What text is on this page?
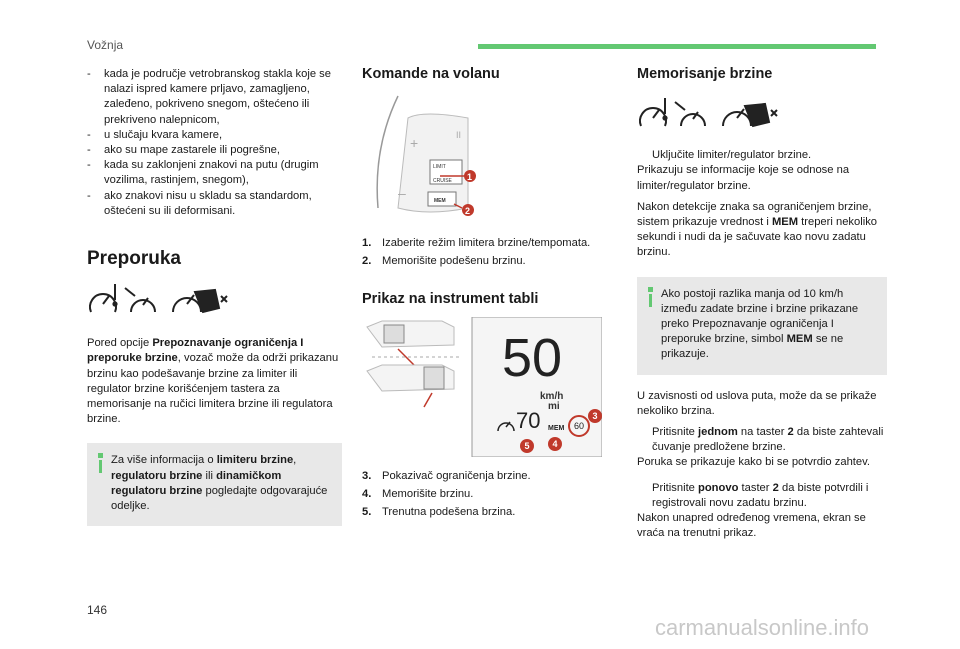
Vožnja
-	kada je područje vetrobranskog stakla koje se nalazi ispred kamere prljavo, zamagljeno, zaleđeno, pokriveno snegom, oštećeno ili prekriveno nalepnicom,
-	u slučaju kvara kamere,
-	ako su mape zastarele ili pogrešne,
-	kada su zaklonjeni znakovi na putu (drugim vozilima, rastinjem, snegom),
-	ako znakovi nisu u skladu sa standardom, oštećeni su ili deformisani.
Preporuka

Pored opcije Prepoznavanje ograničenja I preporuke brzine, vozač može da održi prikazanu brzinu kao podešavanje brzine za limiter ili regulator brzine korišćenjem tastera za memorisanje na ručici limitera brzine ili regulatora brzine.

Za više informacija o limiteru brzine, regulatoru brzine ili dinamičkom regulatoru brzine pogledajte odgovarajuće odeljke.
Komande na volanu
+	II
–
LIMIT
CRUISE
MEM
1
2
1. Izaberite režim limitera brzine/tempomata.
2. Memorišite podešenu brzinu.
Prikaz na instrument tabli
50
km/h
mi
70 MEM	60
3
4
5
3. Pokazivač ograničenja brzine.
4. Memorišite brzinu.
5. Trenutna podešena brzina.
Memorisanje brzine
Uključite limiter/regulator brzine.

Prikazuju se informacije koje se odnose na limiter/regulator brzine.

Nakon detekcije znaka sa ograničenjem brzine, sistem prikazuje vrednost i MEM treperi nekoliko sekundi i nudi da je sačuvate kao novu zadatu brzinu.

Ako postoji razlika manja od 10 km/h između zadate brzine i brzine prikazane preko Prepoznavanje ograničenja I preporuke brzine, simbol MEM se ne prikazuje.

U zavisnosti od uslova puta, može da se prikaže nekoliko brzina.

Pritisnite jednom na taster 2 da biste zahtevali čuvanje predložene brzine.

Poruka se prikazuje kako bi se potvrdio zahtev.

Pritisnite ponovo taster 2 da biste potvrdili i registrovali novu zadatu brzinu.

Nakon unapred određenog vremena, ekran se vraća na trenutni prikaz.

146
carmanualsonline.info
